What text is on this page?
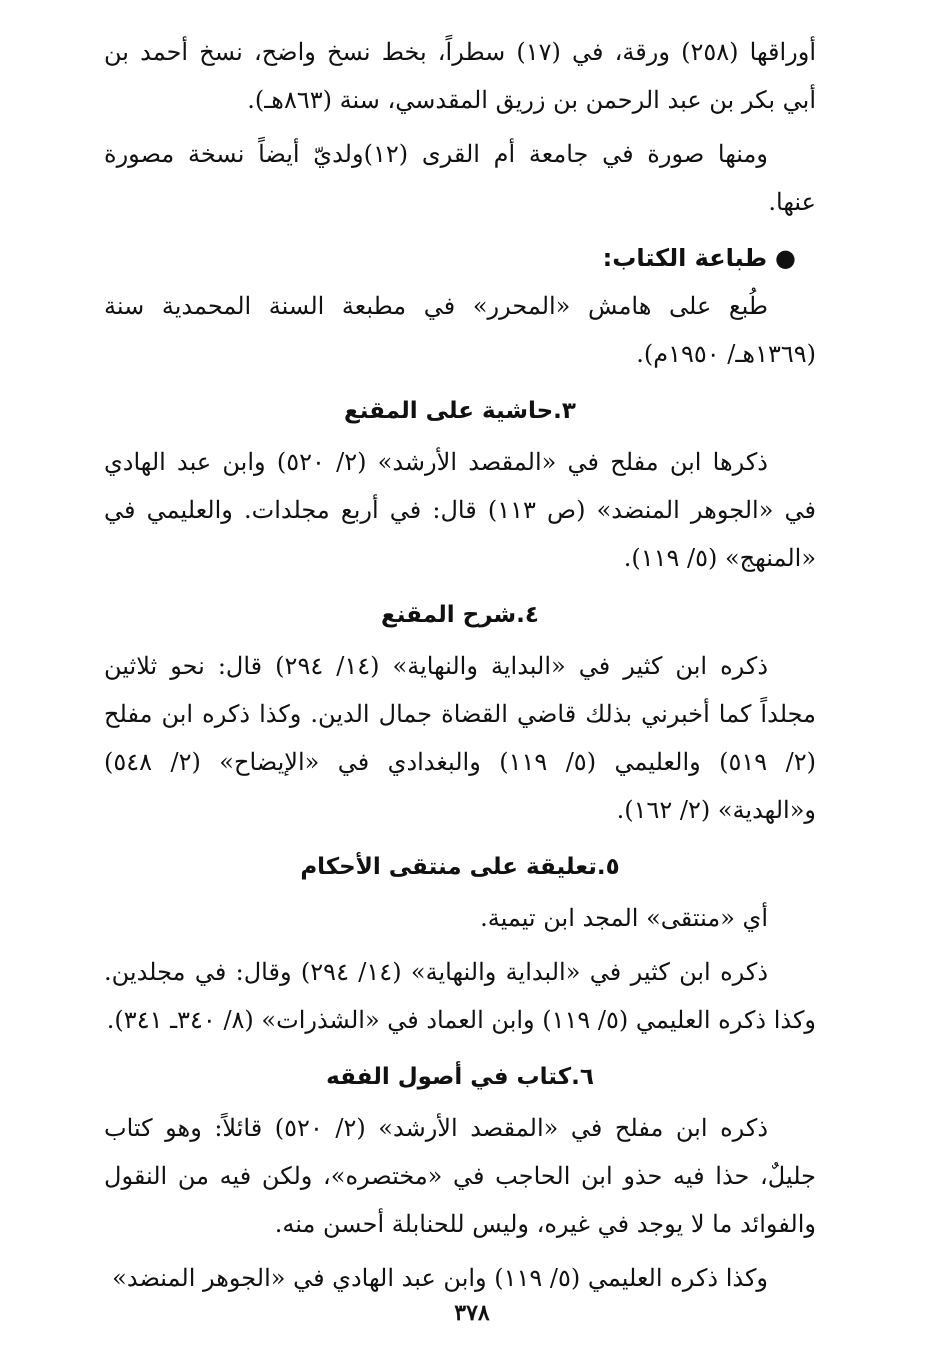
أوراقها (٢٥٨) ورقة، في (١٧) سطراً، بخط نسخ واضح، نسخ أحمد بن أبي بكر بن عبد الرحمن بن زريق المقدسي، سنة (٨٦٣هـ).

ومنها صورة في جامعة أم القرى (١٢)ولديّ أيضاً نسخة مصورة عنها.

●طباعة الكتاب:

طُبع على هامش «المحرر» في مطبعة السنة المحمدية سنة (١٣٦٩هـ/ ١٩٥٠م).

٣.حاشية على المقنع

ذكرها ابن مفلح في «المقصد الأرشد» (٢/ ٥٢٠) وابن عبد الهادي في «الجوهر المنضد» (ص ١١٣) قال: في أربع مجلدات. والعليمي في «المنهج» (٥/ ١١٩).

٤.شرح المقنع

ذكره ابن كثير في «البداية والنهاية» (١٤/ ٢٩٤) قال: نحو ثلاثين مجلداً كما أخبرني بذلك قاضي القضاة جمال الدين. وكذا ذكره ابن مفلح (٢/ ٥١٩) والعليمي (٥/ ١١٩) والبغدادي في «الإيضاح» (٢/ ٥٤٨) و«الهدية» (٢/ ١٦٢).

٥.تعليقة على منتقى الأحكام

أي «منتقى» المجد ابن تيمية.

ذكره ابن كثير في «البداية والنهاية» (١٤/ ٢٩٤) وقال: في مجلدين. وكذا ذكره العليمي (٥/ ١١٩) وابن العماد في «الشذرات» (٨/ ٣٤٠ـ ٣٤١).

٦.كتاب في أصول الفقه

ذكره ابن مفلح في «المقصد الأرشد» (٢/ ٥٢٠) قائلاً: وهو كتاب جليلٌ، حذا فيه حذو ابن الحاجب في «مختصره»، ولكن فيه من النقول والفوائد ما لا يوجد في غيره، وليس للحنابلة أحسن منه.

وكذا ذكره العليمي (٥/ ١١٩) وابن عبد الهادي في «الجوهر المنضد»

٣٧٨
